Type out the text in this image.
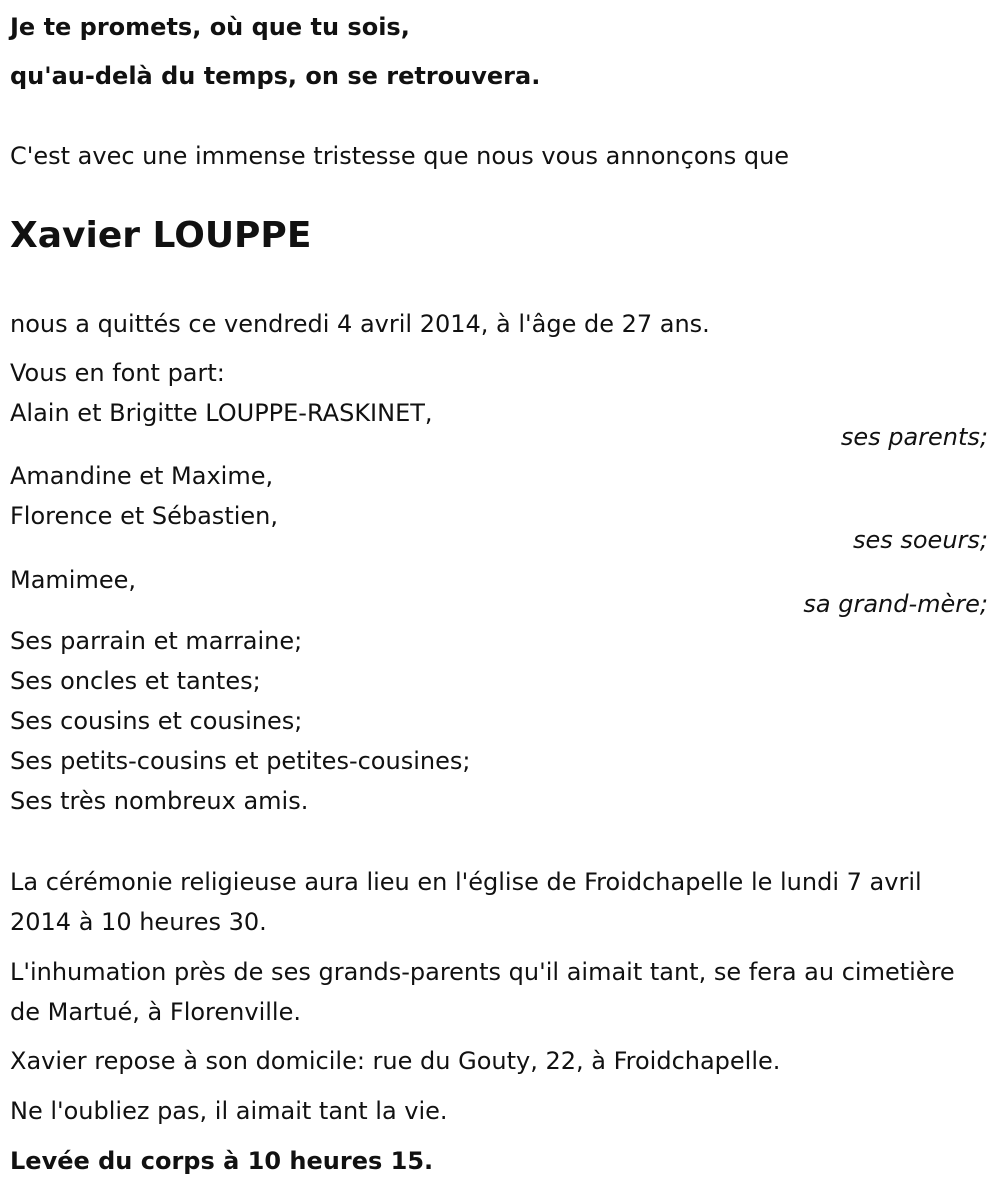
Je te promets, où que tu sois,
qu'au-delà du temps, on se retrouvera.
C'est avec une immense tristesse que nous vous annonçons que
Xavier LOUPPE
nous a quittés ce vendredi 4 avril 2014, à l'âge de 27 ans.
Vous en font part:
Alain et Brigitte LOUPPE-RASKINET,
ses parents;
Amandine et Maxime,
Florence et Sébastien,
ses soeurs;
Mamimee,
sa grand-mère;
Ses parrain et marraine;
Ses oncles et tantes;
Ses cousins et cousines;
Ses petits-cousins et petites-cousines;
Ses très nombreux amis.
La cérémonie religieuse aura lieu en l'église de Froidchapelle le lundi 7 avril 2014 à 10 heures 30.
L'inhumation près de ses grands-parents qu'il aimait tant, se fera au cimetière de Martué, à Florenville.
Xavier repose à son domicile: rue du Gouty, 22, à Froidchapelle.
Ne l'oubliez pas, il aimait tant la vie.
Levée du corps à 10 heures 15.
